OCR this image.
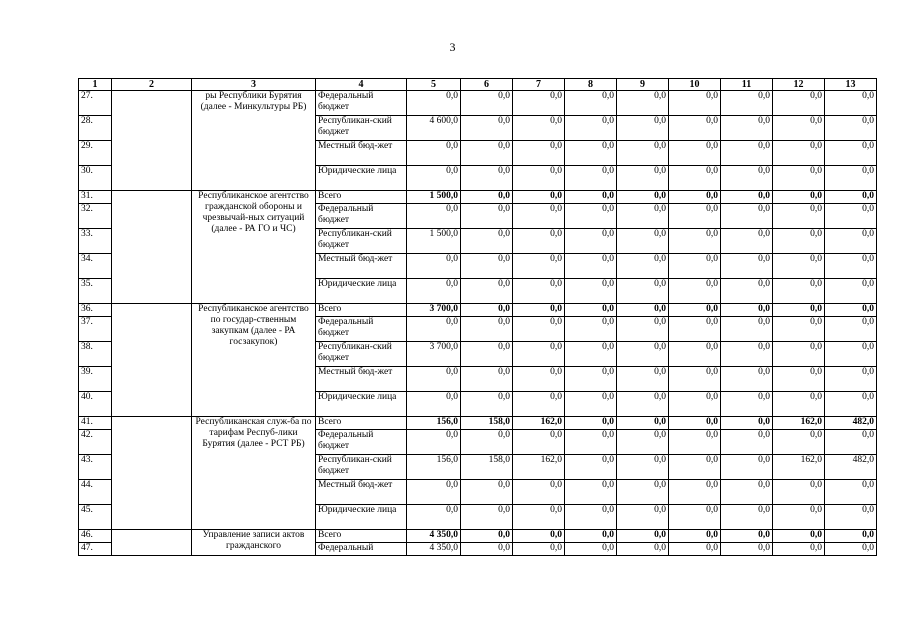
3
1	2	3	4	5	6	7	8	9	10	11	12	13
27.		ры Республики Бурятия (далее - Минкультуры РБ)	Федеральный бюджет	0,0	0,0	0,0	0,0	0,0	0,0	0,0	0,0	0,0
28.			Республикан-ский бюджет	4 600,0	0,0	0,0	0,0	0,0	0,0	0,0	0,0	0,0
29.			Местный бюд-жет	0,0	0,0	0,0	0,0	0,0	0,0	0,0	0,0	0,0
30.			Юридические лица	0,0	0,0	0,0	0,0	0,0	0,0	0,0	0,0	0,0
31.		Республиканское агентство гражданской обороны и чрезвычай-ных ситуаций (далее - РА ГО и ЧС)	Всего	1 500,0	0,0	0,0	0,0	0,0	0,0	0,0	0,0	0,0
32.			Федеральный бюджет	0,0	0,0	0,0	0,0	0,0	0,0	0,0	0,0	0,0
33.			Республикан-ский бюджет	1 500,0	0,0	0,0	0,0	0,0	0,0	0,0	0,0	0,0
34.			Местный бюд-жет	0,0	0,0	0,0	0,0	0,0	0,0	0,0	0,0	0,0
35.			Юридические лица	0,0	0,0	0,0	0,0	0,0	0,0	0,0	0,0	0,0
36.		Республиканское агентство по государ-ственным закупкам (далее - РА госзакупок)	Всего	3 700,0	0,0	0,0	0,0	0,0	0,0	0,0	0,0	0,0
37.			Федеральный бюджет	0,0	0,0	0,0	0,0	0,0	0,0	0,0	0,0	0,0
38.			Республикан-ский бюджет	3 700,0	0,0	0,0	0,0	0,0	0,0	0,0	0,0	0,0
39.			Местный бюд-жет	0,0	0,0	0,0	0,0	0,0	0,0	0,0	0,0	0,0
40.			Юридические лица	0,0	0,0	0,0	0,0	0,0	0,0	0,0	0,0	0,0
41.		Республиканская служ-ба по тарифам Респуб-лики Бурятия (далее - РСТ РБ)	Всего	156,0	158,0	162,0	0,0	0,0	0,0	0,0	162,0	482,0
42.			Федеральный бюджет	0,0	0,0	0,0	0,0	0,0	0,0	0,0	0,0	0,0
43.			Республикан-ский бюджет	156,0	158,0	162,0	0,0	0,0	0,0	0,0	162,0	482,0
44.			Местный бюд-жет	0,0	0,0	0,0	0,0	0,0	0,0	0,0	0,0	0,0
45.			Юридические лица	0,0	0,0	0,0	0,0	0,0	0,0	0,0	0,0	0,0
46.		Управление записи актов гражданского	Всего	4 350,0	0,0	0,0	0,0	0,0	0,0	0,0	0,0	0,0
47.			Федеральный	4 350,0	0,0	0,0	0,0	0,0	0,0	0,0	0,0	0,0
